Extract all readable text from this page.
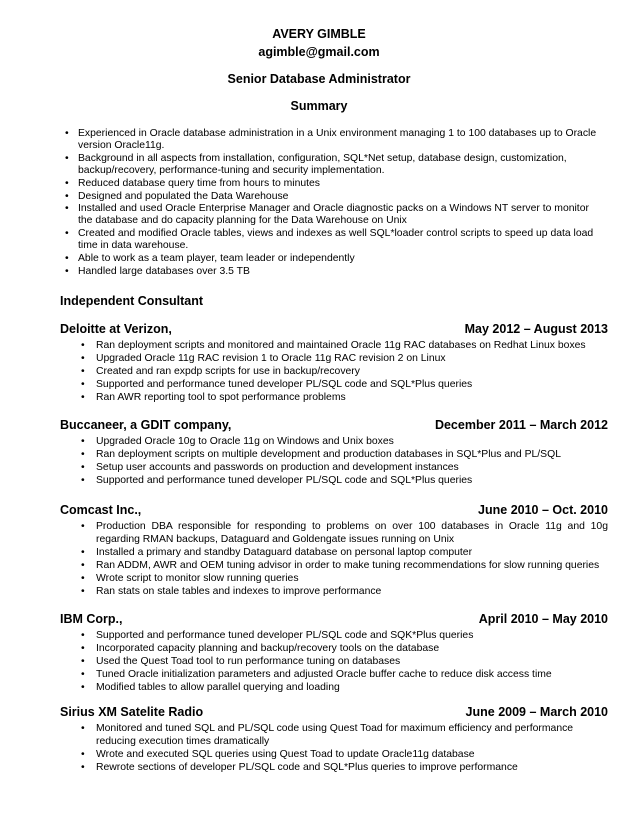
AVERY GIMBLE
agimble@gmail.com
Senior Database Administrator
Summary
• Experienced in Oracle database administration in a Unix environment managing 1 to 100 databases up to Oracle version Oracle11g.
• Background in all aspects from installation, configuration, SQL*Net setup, database design, customization, backup/recovery, performance-tuning and security implementation.
• Reduced database query time from hours to minutes
• Designed and populated the Data Warehouse
• Installed and used Oracle Enterprise Manager and Oracle diagnostic packs on a Windows NT server to monitor the database and do capacity planning for the Data Warehouse on Unix
• Created and modified Oracle tables, views and indexes as well SQL*loader control scripts to speed up data load time in data warehouse.
• Able to work as a team player, team leader or independently
• Handled large databases over 3.5 TB
Independent Consultant
Deloitte at Verizon,	May 2012 – August 2013
• Ran deployment scripts and monitored and maintained Oracle 11g RAC databases on Redhat Linux boxes
• Upgraded Oracle 11g RAC revision 1 to Oracle 11g RAC revision 2 on Linux
• Created and ran expdp scripts for use in backup/recovery
• Supported and performance tuned developer PL/SQL code and SQL*Plus queries
• Ran AWR reporting tool to spot performance problems
Buccaneer, a GDIT company,	December 2011 – March 2012
• Upgraded Oracle 10g to Oracle 11g on Windows and Unix boxes
• Ran deployment scripts on multiple development and production databases in SQL*Plus and PL/SQL
• Setup user accounts and passwords on production and development instances
• Supported and performance tuned developer PL/SQL code and SQL*Plus queries
Comcast Inc.,	June 2010 – Oct. 2010
• Production DBA responsible for responding to problems on over 100 databases in Oracle 11g and 10g regarding RMAN backups, Dataguard and Goldengate issues running on Unix
• Installed a primary and standby Dataguard database on personal laptop computer
• Ran ADDM, AWR and OEM tuning advisor in order to make tuning recommendations for slow running queries
• Wrote script to monitor slow running queries
• Ran stats on stale tables and indexes to improve performance
IBM Corp.,	April 2010 – May 2010
• Supported and performance tuned developer PL/SQL code and SQK*Plus queries
• Incorporated capacity planning and backup/recovery tools on the database
• Used the Quest Toad tool to run performance tuning on databases
• Tuned Oracle initialization parameters and adjusted Oracle buffer cache to reduce disk access time
• Modified tables to allow parallel querying and loading
Sirius XM Satelite Radio	June 2009 – March 2010
• Monitored and tuned SQL and PL/SQL code using Quest Toad for maximum efficiency and performance reducing execution times dramatically
• Wrote and executed SQL queries using Quest Toad to update Oracle11g database
• Rewrote sections of developer PL/SQL code and SQL*Plus queries to improve performance
